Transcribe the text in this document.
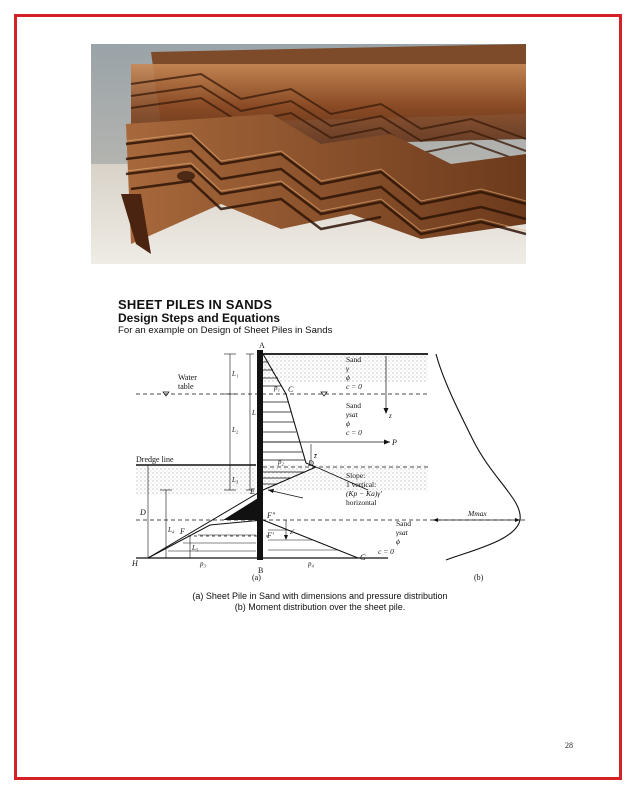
SHEET PILES IN SANDS
Design Steps and Equations
For an example on Design of Sheet Piles in Sands
A
B
C
D
E
F	F'
F"
G
H
P
L₁
L₂
L₃
L
L₄
L₅
D
z
z̄
z'
p₁
p₂
p₃	p₄
Water
table
Dredge line
Sand
γ
ϕ
c = 0
Sand
γsat
ϕ
c = 0
Slope:
1 vertical:
(Kp − Ka)γ'
horizontal
Sand
γsat
ϕ
c = 0
Mmax
(a)	(b)
(a) Sheet Pile in Sand with dimensions and pressure distribution
(b) Moment distribution over the sheet pile.
28
